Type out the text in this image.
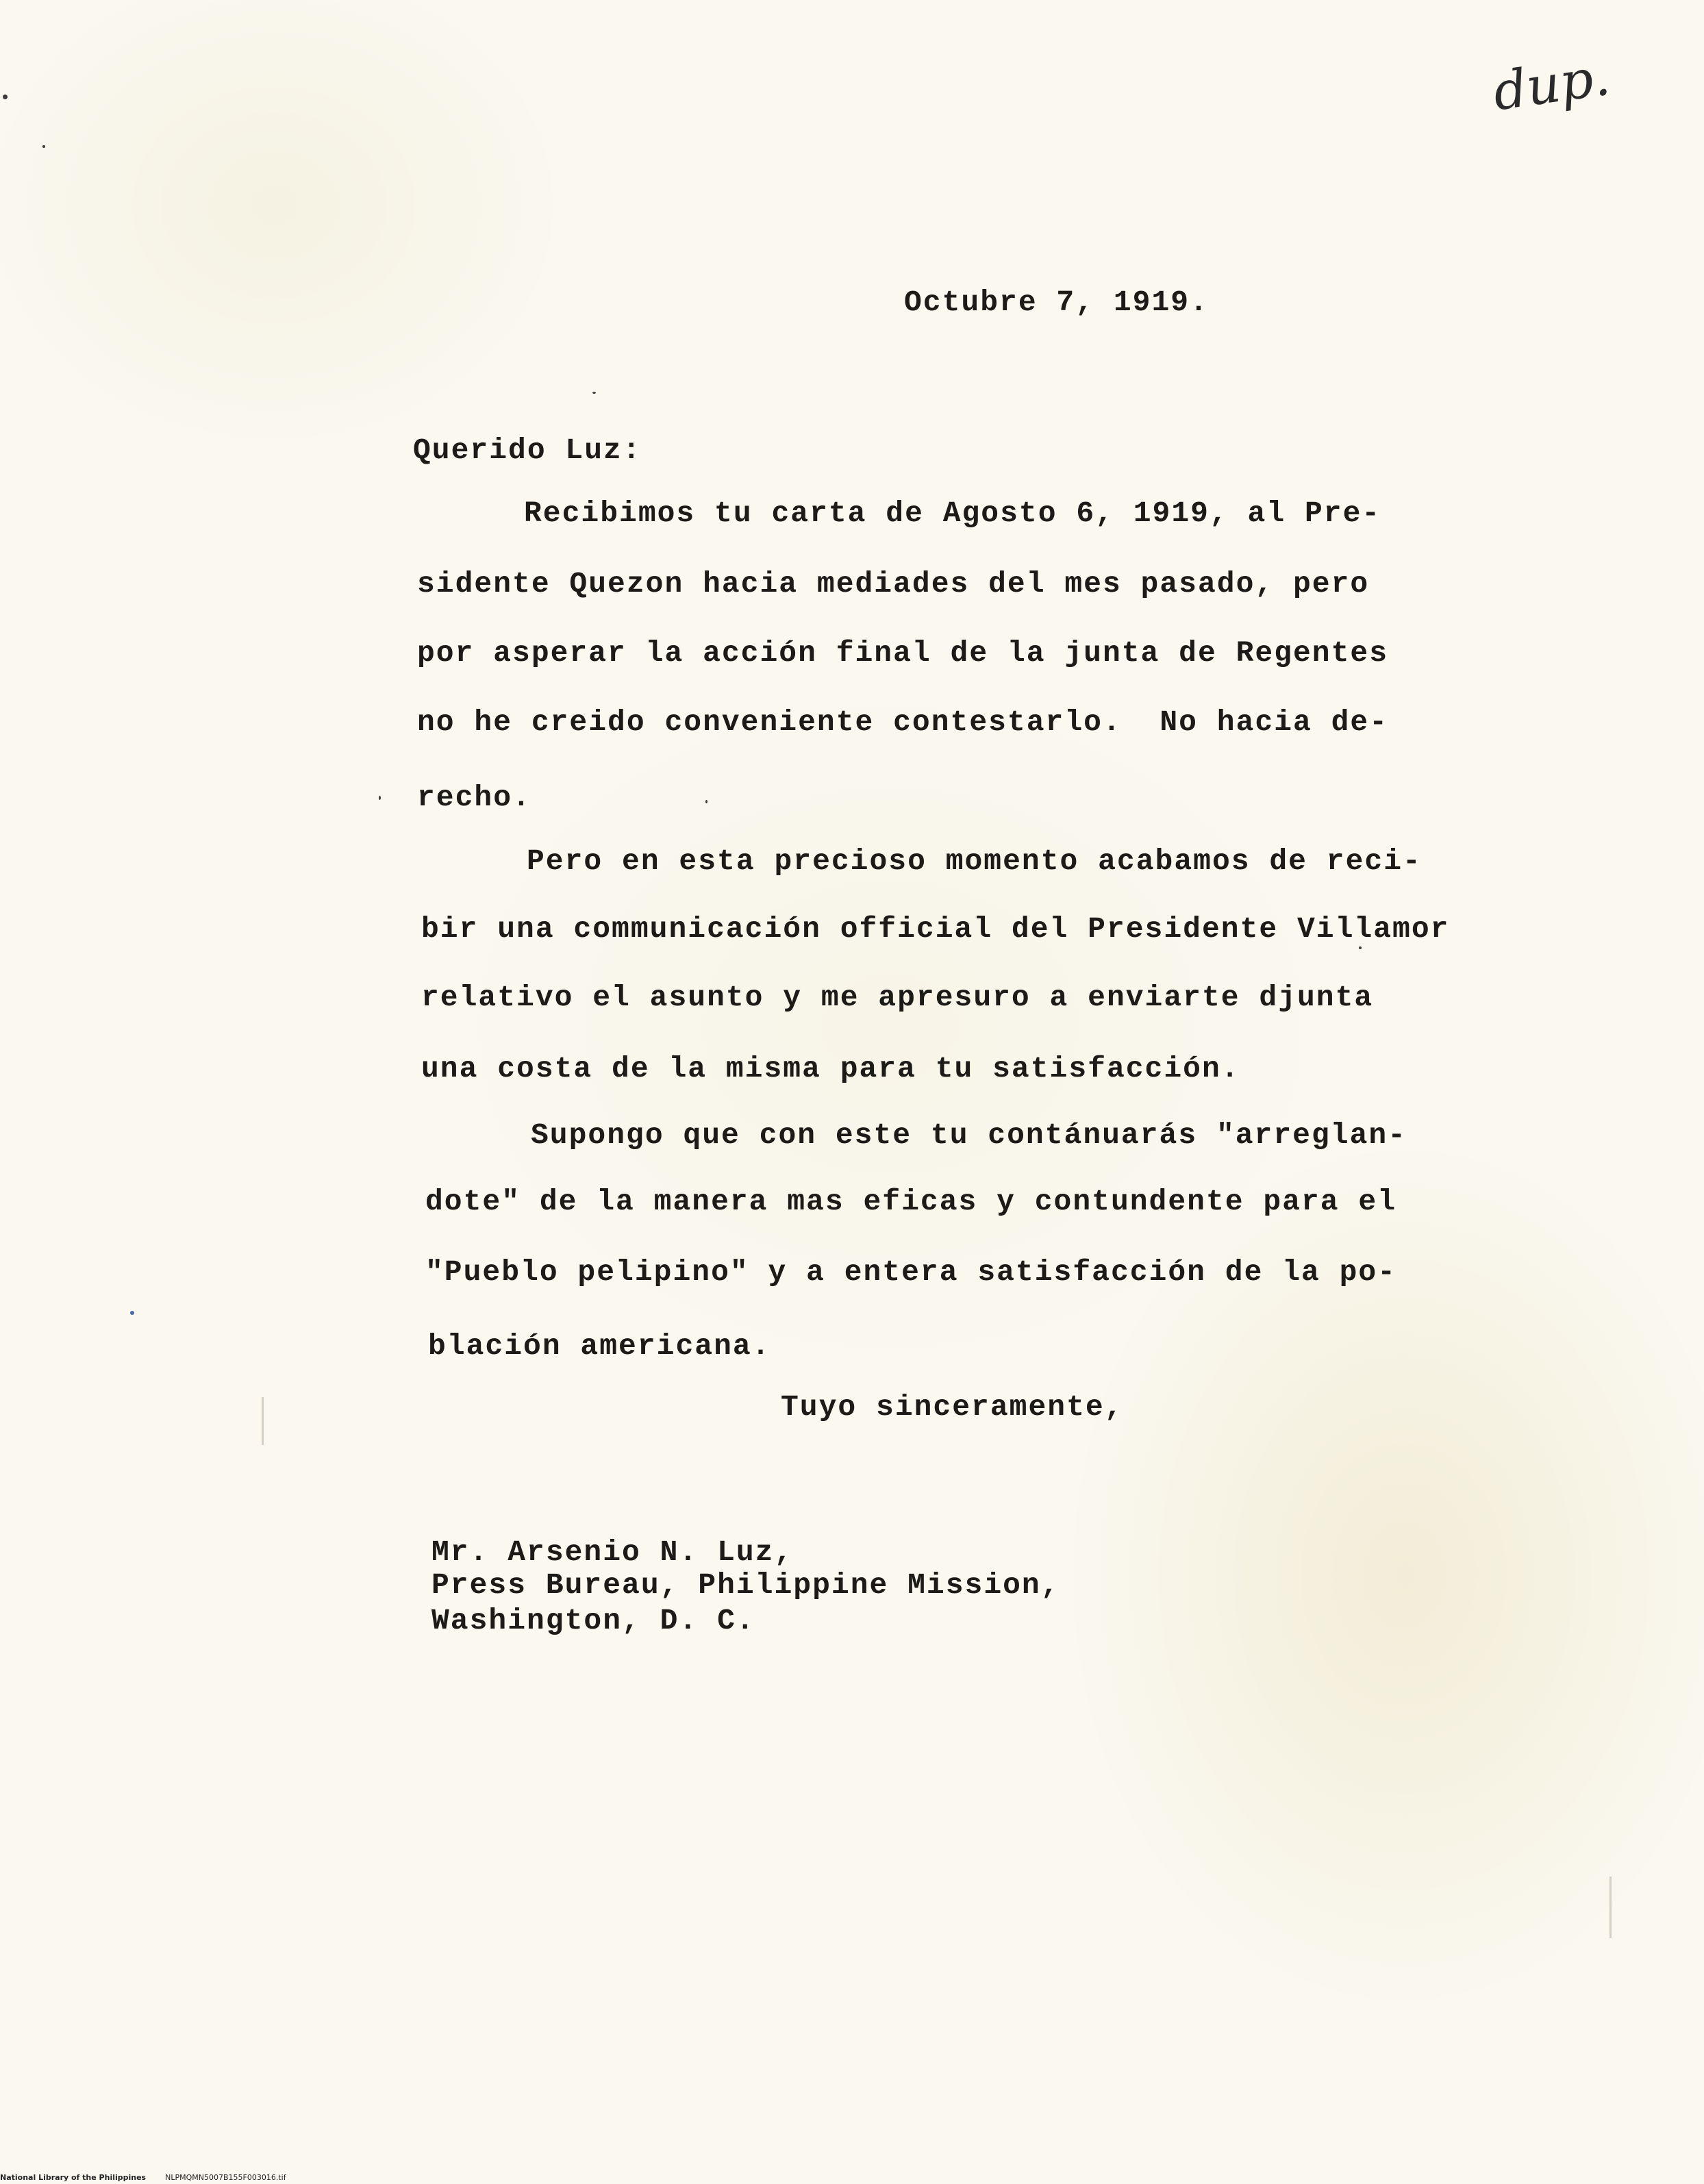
dup.
Octubre 7, 1919.
Querido Luz:
Recibimos tu carta de Agosto 6, 1919, al Pre-
sidente Quezon hacia mediades del mes pasado, pero
por asperar la acción final de la junta de Regentes
no he creido conveniente contestarlo.  No hacia de-
recho.
Pero en esta precioso momento acabamos de reci-
bir una communicación official del Presidente Villamor
relativo el asunto y me apresuro a enviarte djunta
una costa de la misma para tu satisfacción.
Supongo que con este tu contánuarás "arreglan-
dote" de la manera mas eficas y contundente para el
"Pueblo pelipino" y a entera satisfacción de la po-
blación americana.
Tuyo sinceramente,
Mr. Arsenio N. Luz,
Press Bureau, Philippine Mission,
Washington, D. C.
National Library of the Philippines	NLPMQMN5007B155F003016.tif
